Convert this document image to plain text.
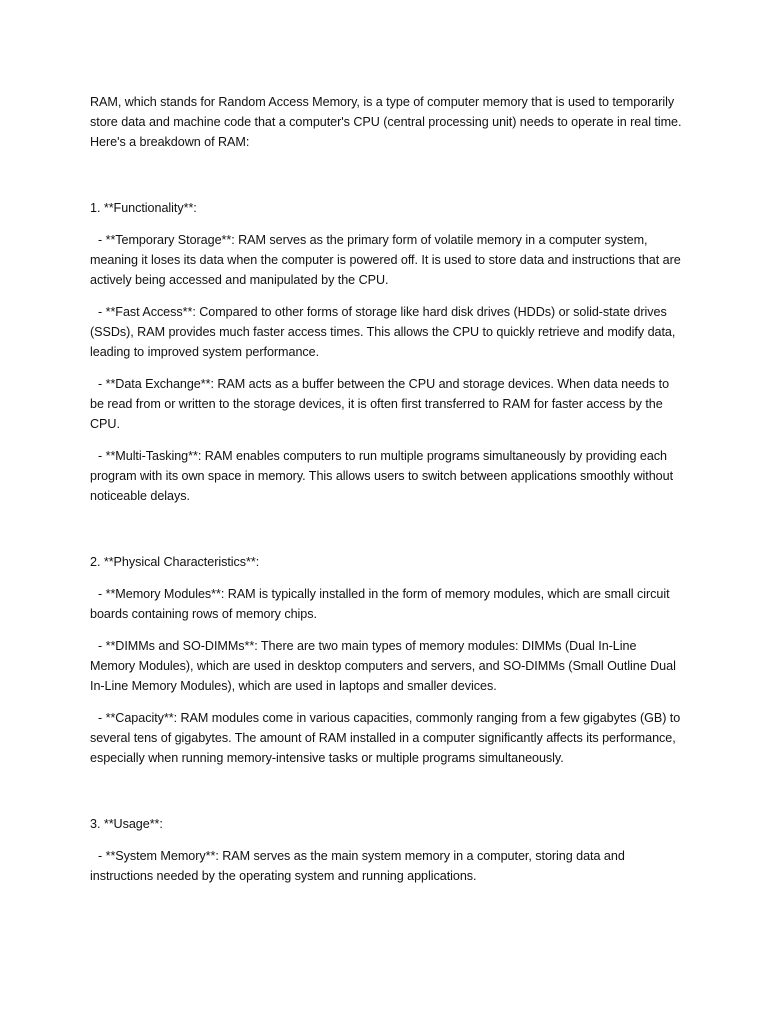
RAM, which stands for Random Access Memory, is a type of computer memory that is used to temporarily store data and machine code that a computer's CPU (central processing unit) needs to operate in real time. Here's a breakdown of RAM:

1. **Functionality**:

- **Temporary Storage**: RAM serves as the primary form of volatile memory in a computer system, meaning it loses its data when the computer is powered off. It is used to store data and instructions that are actively being accessed and manipulated by the CPU.

- **Fast Access**: Compared to other forms of storage like hard disk drives (HDDs) or solid-state drives (SSDs), RAM provides much faster access times. This allows the CPU to quickly retrieve and modify data, leading to improved system performance.

- **Data Exchange**: RAM acts as a buffer between the CPU and storage devices. When data needs to be read from or written to the storage devices, it is often first transferred to RAM for faster access by the CPU.

- **Multi-Tasking**: RAM enables computers to run multiple programs simultaneously by providing each program with its own space in memory. This allows users to switch between applications smoothly without noticeable delays.

2. **Physical Characteristics**:

- **Memory Modules**: RAM is typically installed in the form of memory modules, which are small circuit boards containing rows of memory chips.

- **DIMMs and SO-DIMMs**: There are two main types of memory modules: DIMMs (Dual In-Line Memory Modules), which are used in desktop computers and servers, and SO-DIMMs (Small Outline Dual In-Line Memory Modules), which are used in laptops and smaller devices.

- **Capacity**: RAM modules come in various capacities, commonly ranging from a few gigabytes (GB) to several tens of gigabytes. The amount of RAM installed in a computer significantly affects its performance, especially when running memory-intensive tasks or multiple programs simultaneously.

3. **Usage**:

- **System Memory**: RAM serves as the main system memory in a computer, storing data and instructions needed by the operating system and running applications.
